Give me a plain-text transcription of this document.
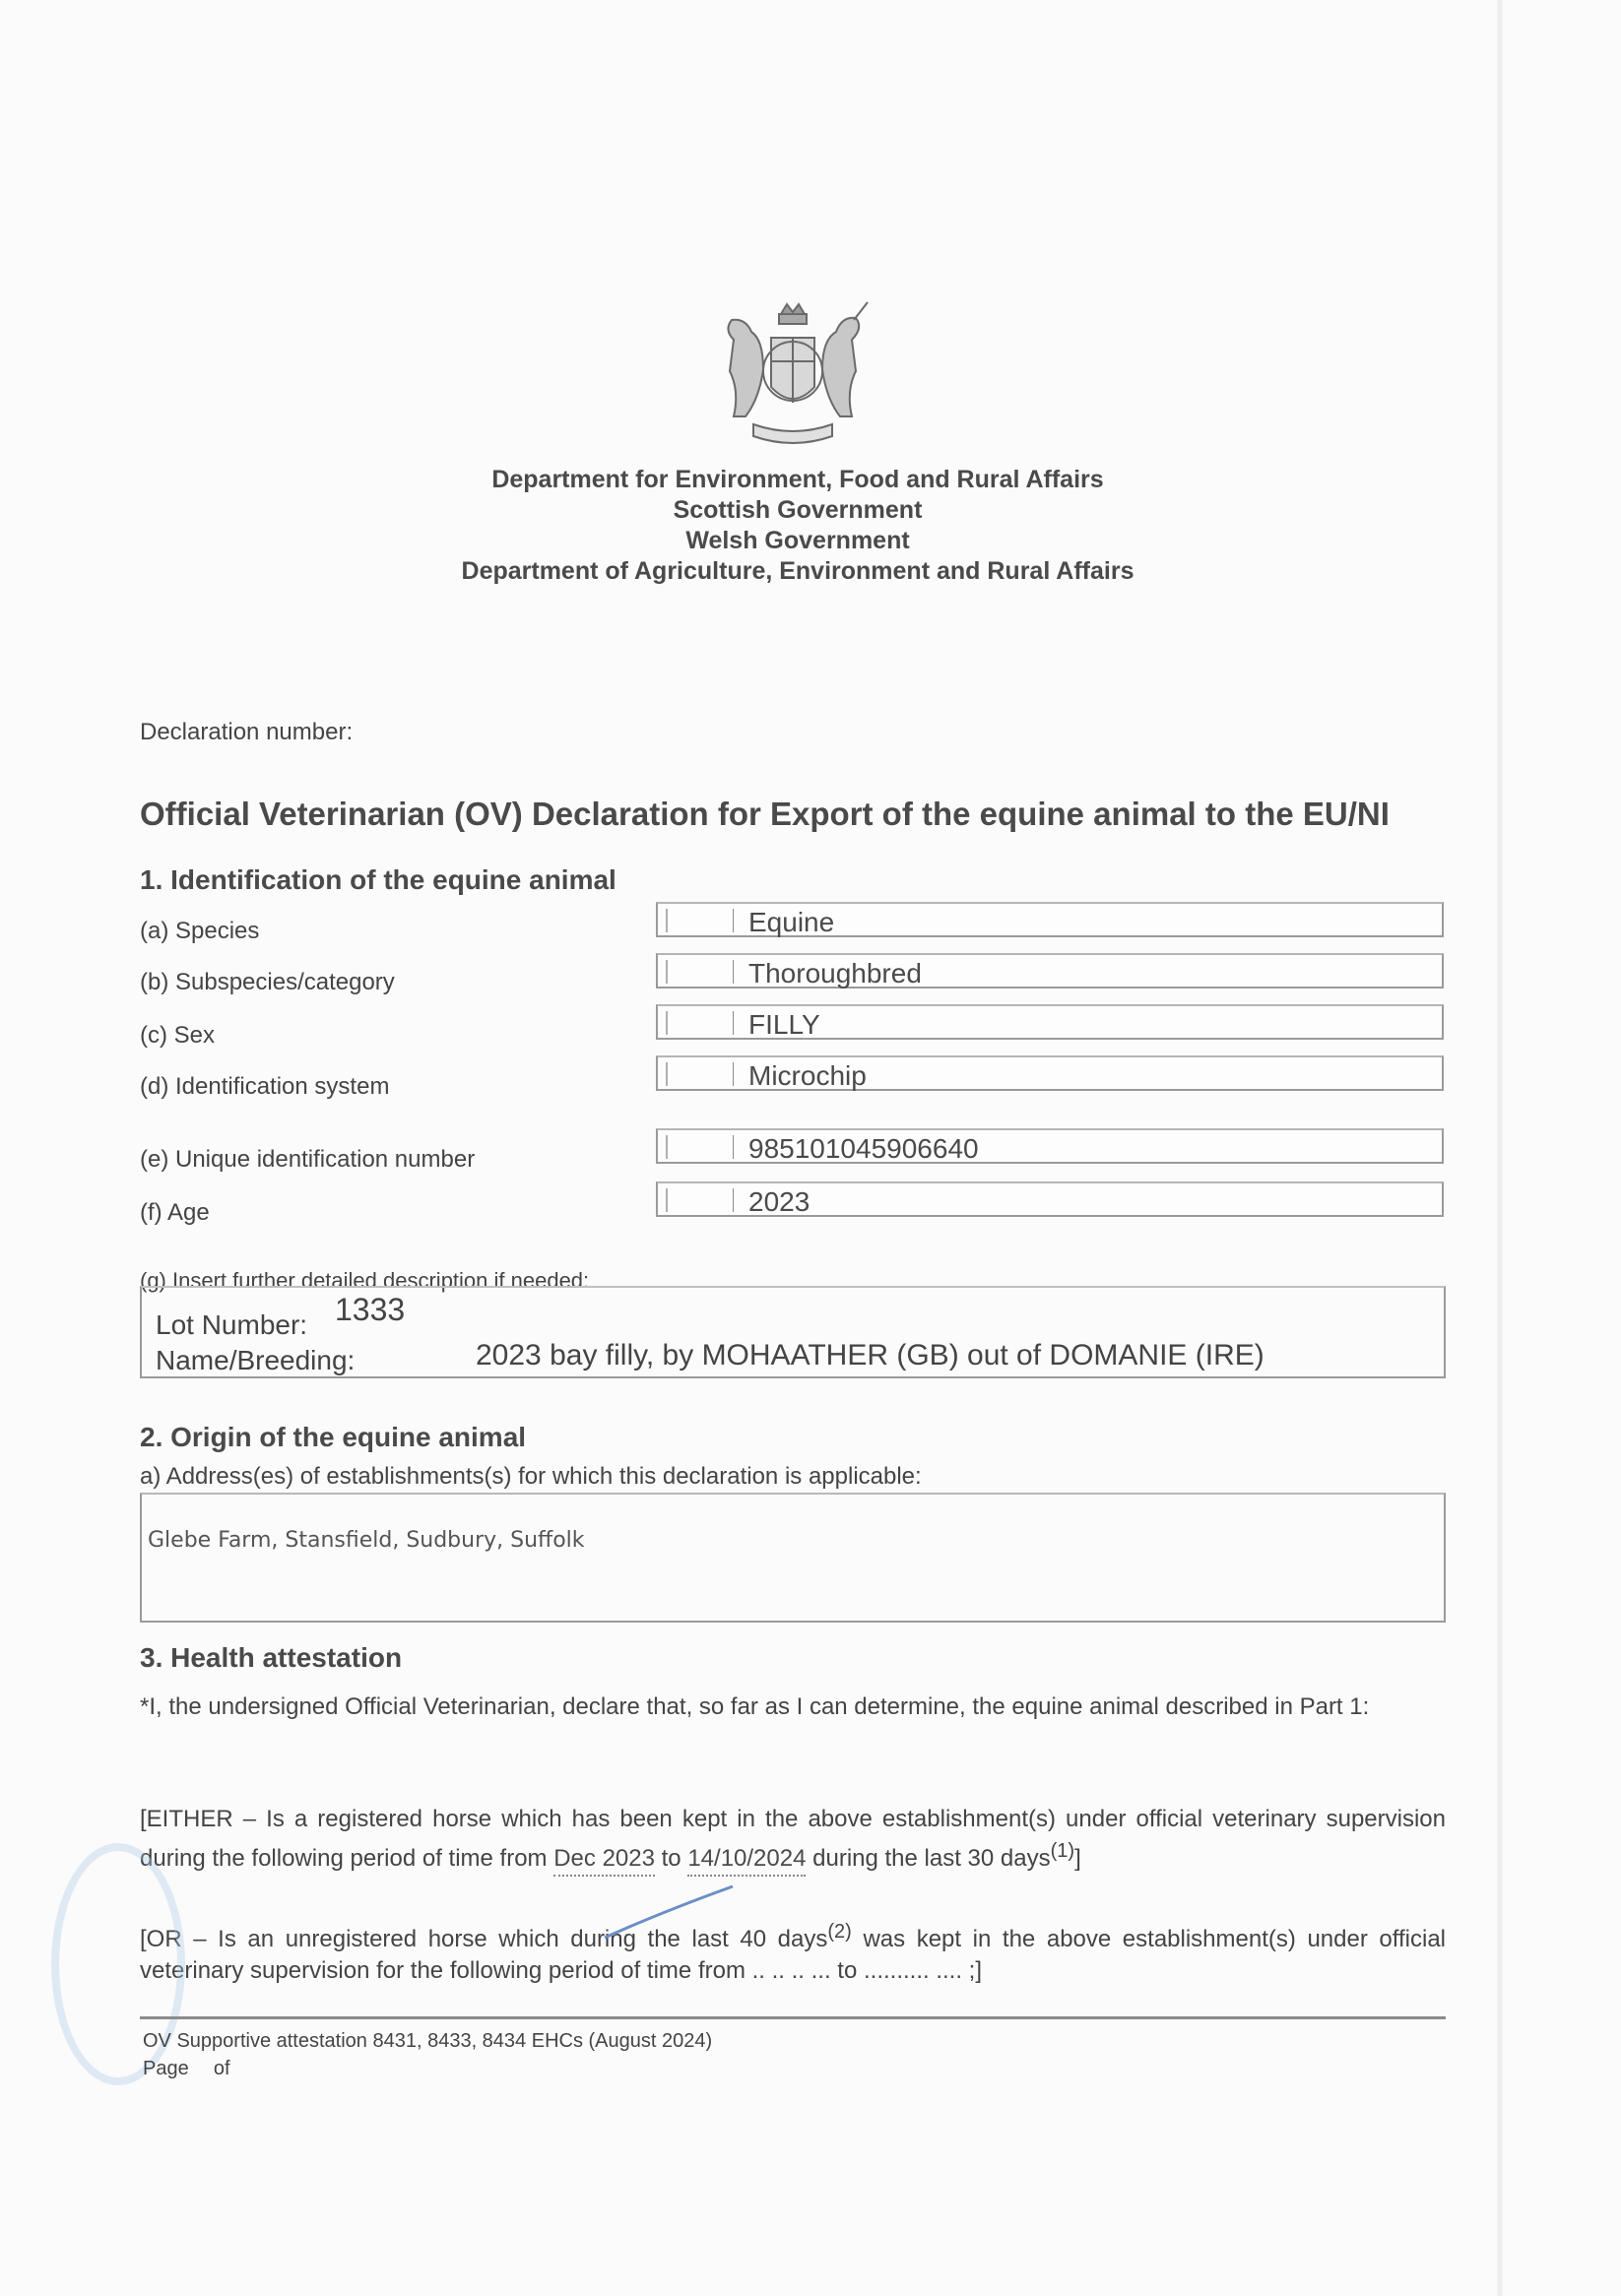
Department for Environment, Food and Rural Affairs
Scottish Government
Welsh Government
Department of Agriculture, Environment and Rural Affairs
Declaration number:
Official Veterinarian (OV) Declaration for Export of the equine animal to the EU/NI
1. Identification of the equine animal
(a) Species	Equine
(b) Subspecies/category	Thoroughbred
(c) Sex	FILLY
(d) Identification system	Microchip
(e) Unique identification number	985101045906640
(f) Age	2023
(g) Insert further detailed description if needed:
Lot Number: 1333
Name/Breeding:	2023 bay filly, by MOHAATHER (GB) out of DOMANIE (IRE)
2. Origin of the equine animal
a) Address(es) of establishments(s) for which this declaration is applicable:
Glebe Farm, Stansfield, Sudbury, Suffolk
3. Health attestation
*I, the undersigned Official Veterinarian, declare that, so far as I can determine, the equine animal described in Part 1:
[EITHER – Is a registered horse which has been kept in the above establishment(s) under official veterinary supervision during the following period of time from Dec 2023 to 14/10/2024 during the last 30 days$^{(1)}$]
[OR – Is an unregistered horse which during the last 40 days$^{(2)}$ was kept in the above establishment(s) under official veterinary supervision for the following period of time from .. .. .. ... to .......... .... ;]
OV Supportive attestation 8431, 8433, 8434 EHCs (August 2024)
Page of
